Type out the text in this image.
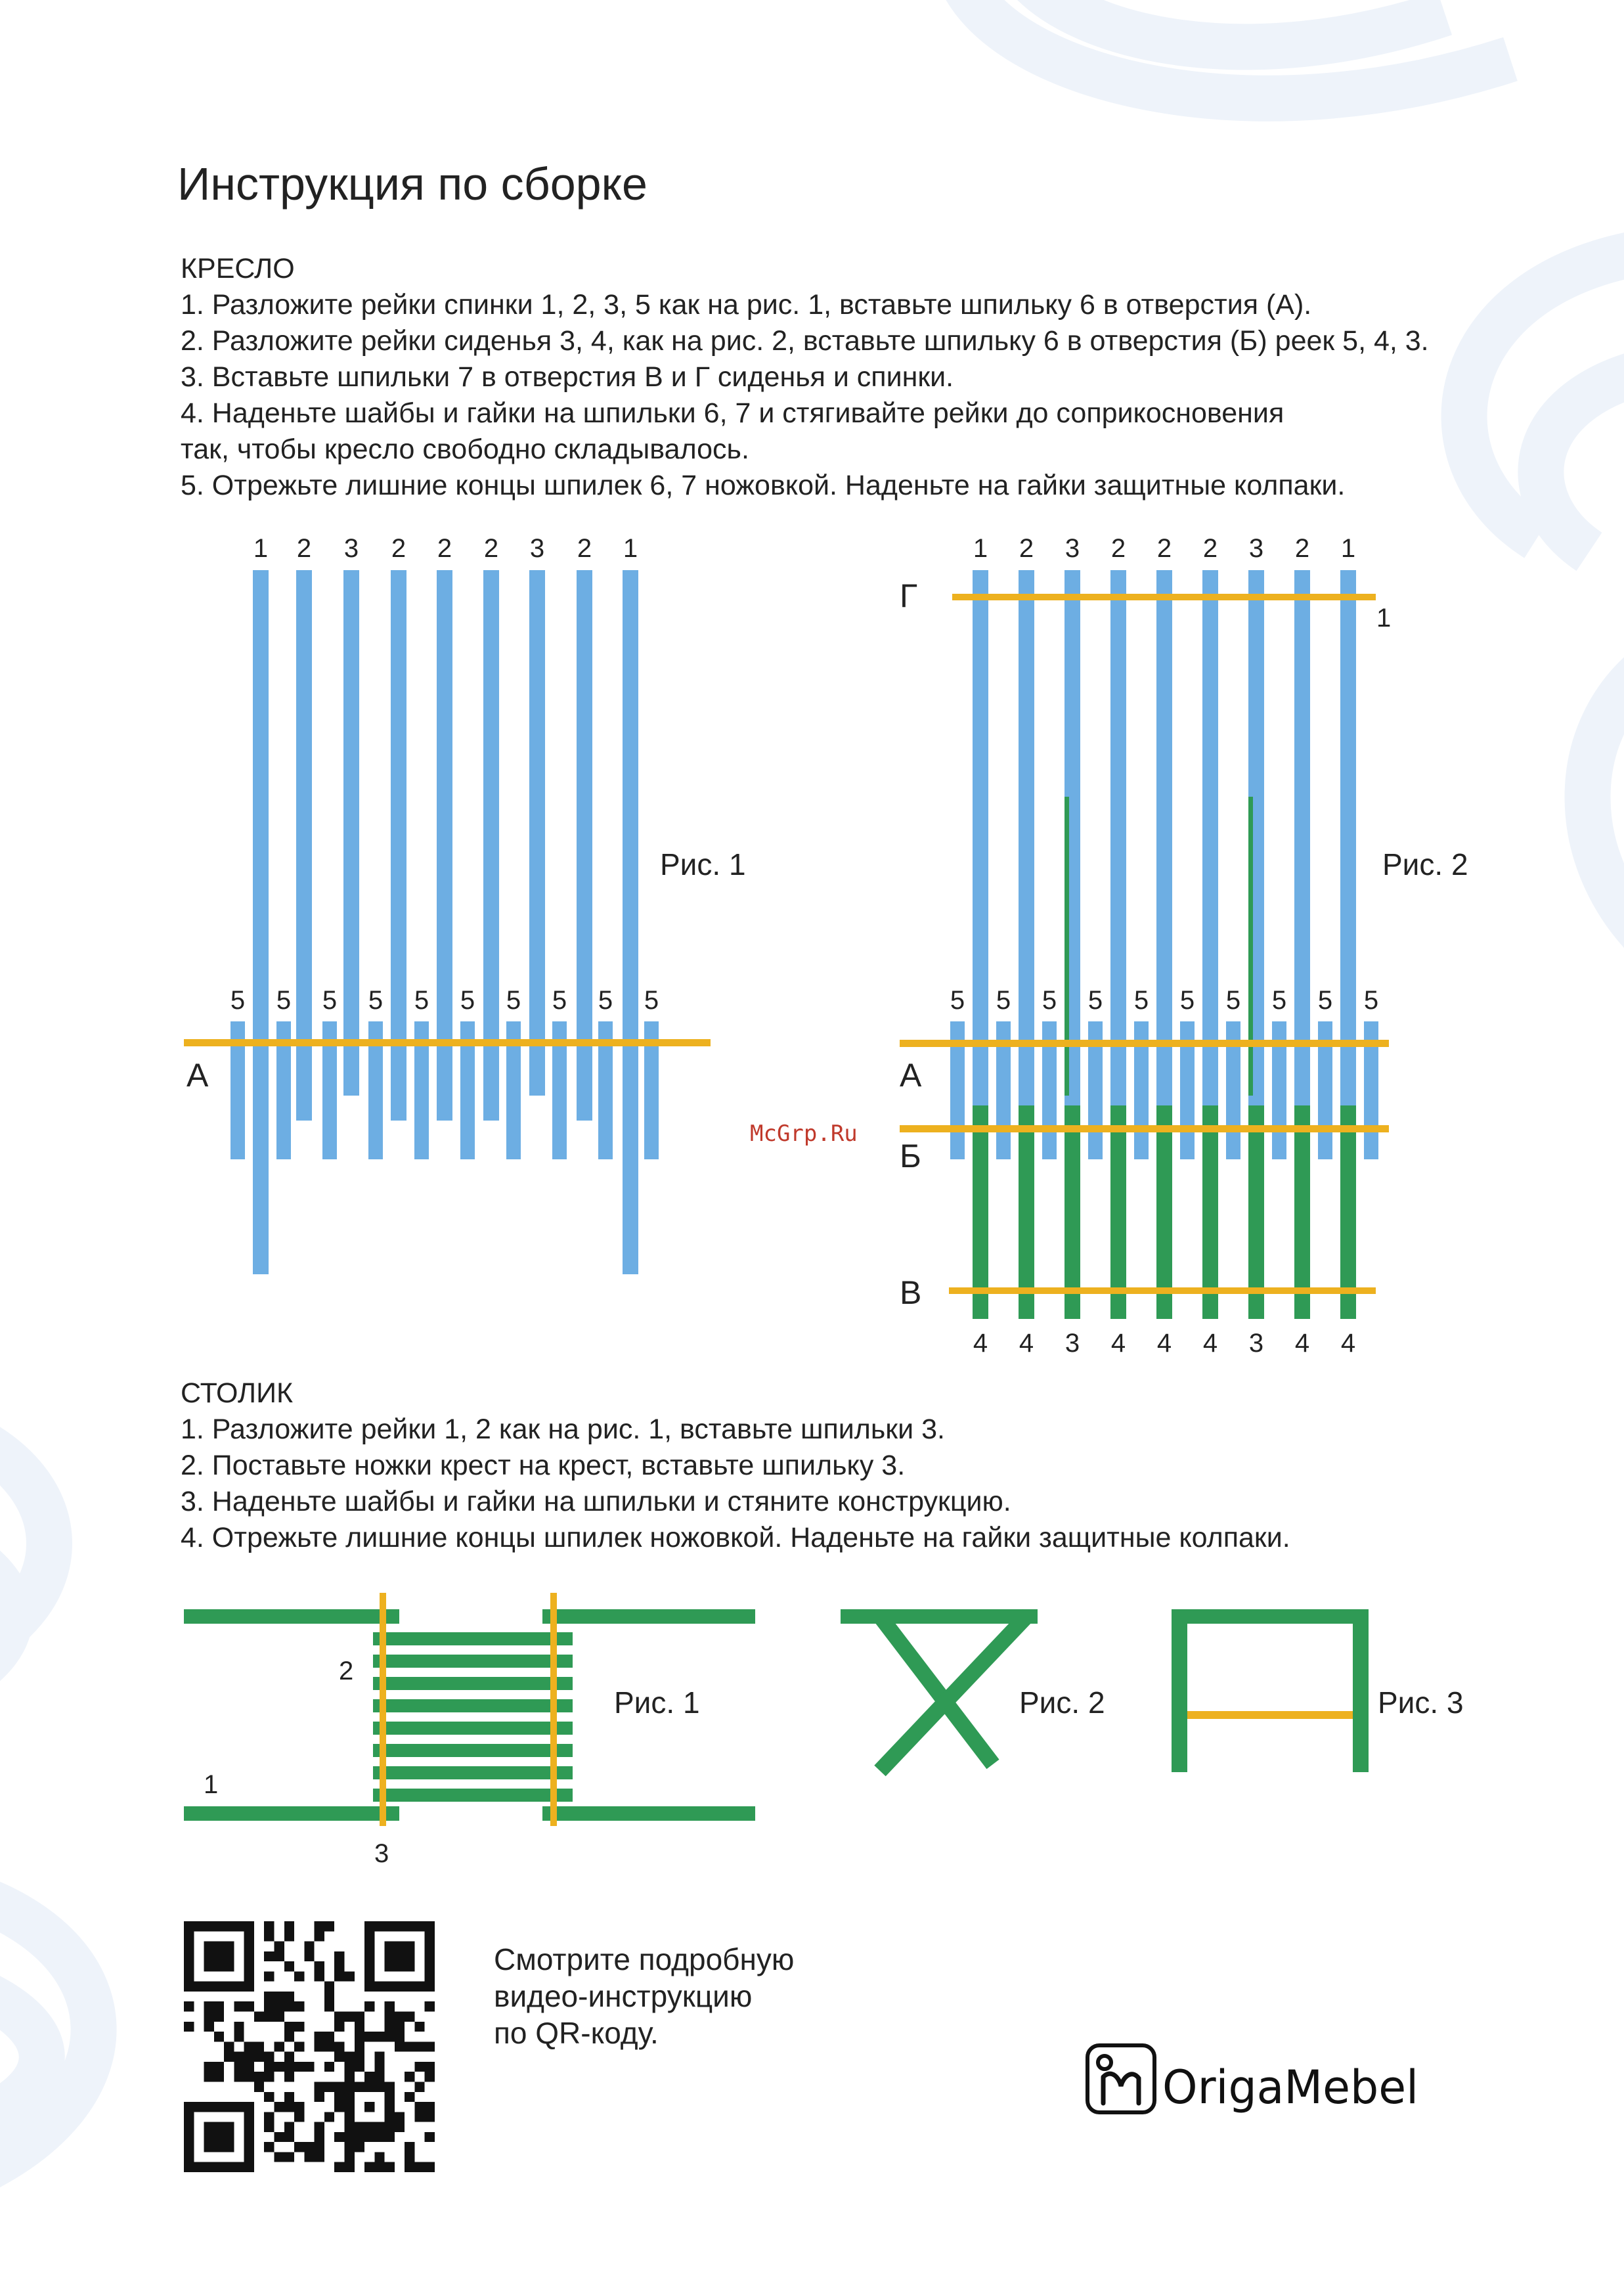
Инструкция по сборке
КРЕСЛО
1. Разложите рейки спинки 1, 2, 3, 5 как на рис. 1, вставьте шпильку 6 в отверстия (А).
2. Разложите рейки сиденья 3, 4, как на рис. 2, вставьте шпильку 6 в отверстия (Б) реек 5, 4, 3.
3. Вставьте шпильки 7 в отверстия В и Г сиденья и спинки.
4. Наденьте шайбы и гайки на шпильки 6, 7 и стягивайте рейки до соприкосновения
так, чтобы кресло свободно складывалось.
5. Отрежьте лишние концы шпилек 6, 7 ножовкой. Наденьте на гайки защитные колпаки.
СТОЛИК
1. Разложите рейки 1, 2 как на рис. 1, вставьте шпильки 3.
2. Поставьте ножки крест на крест, вставьте шпильку 3.
3. Наденьте шайбы и гайки на шпильки и стяните конструкцию.
4. Отрежьте лишние концы шпилек ножовкой. Наденьте на гайки защитные колпаки.
1 2 3 2 2 2 3 2 1
5 5 5 5 5 5 5 5 5 5
Рис. 1
А
1 2 3 2 2 2 3 2 1
5 5 5 5 5 5 5 5 5 5
4 4 3 4 4 4 3 4 4
Рис. 2
Г
А
Б
В
1
2
1
3
Рис. 1	Рис. 2	Рис. 3
McGrp.Ru
Смотрите подробную
видео-инструкцию
по QR-коду.
OrigaMebel
